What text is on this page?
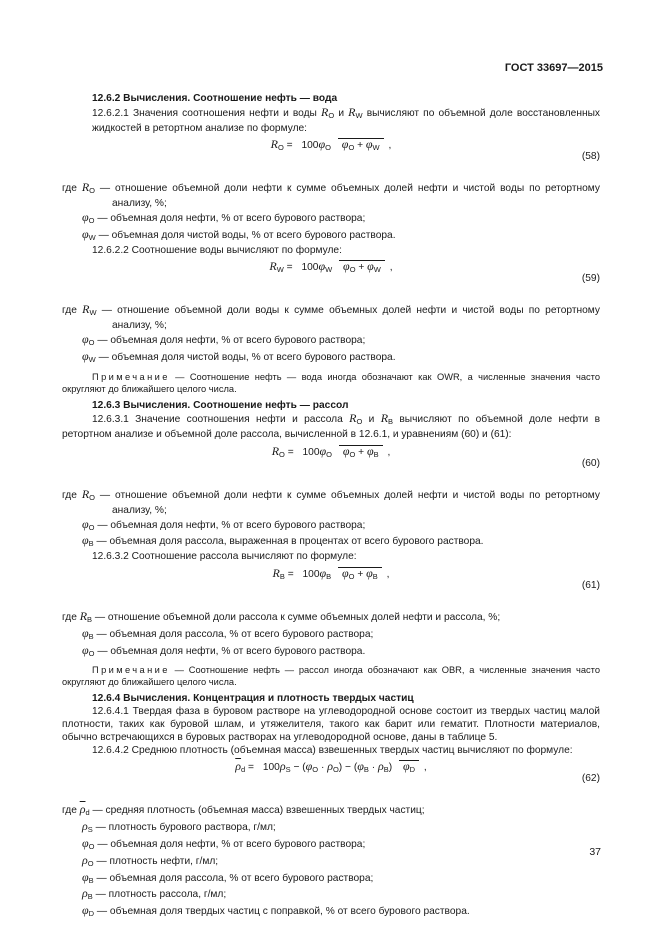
ГОСТ 33697—2015
12.6.2 Вычисления. Соотношение нефть — вода
12.6.2.1 Значения соотношения нефти и воды $R_O$ и $R_W$ вычисляют по объемной доле восстановленных жидкостей в ретортном анализе по формуле:
$R_O = 100\varphi_O$ $\varphi_O + \varphi_W$ ,
(58)
где $R_O$ — отношение объемной доли нефти к сумме объемных долей нефти и чистой воды по ретортному анализу, %;
$\varphi_O$ — объемная доля нефти, % от всего бурового раствора;
$\varphi_W$ — объемная доля чистой воды, % от всего бурового раствора.
12.6.2.2 Соотношение воды вычисляют по формуле:
$R_W = 100\varphi_W$ $\varphi_O + \varphi_W$ ,
(59)
где $R_W$ — отношение объемной доли воды к сумме объемных долей нефти и чистой воды по ретортному анализу, %;
$\varphi_O$ — объемная доля нефти, % от всего бурового раствора;
$\varphi_W$ — объемная доля чистой воды, % от всего бурового раствора.
Примечание — Соотношение нефть — вода иногда обозначают как OWR, а численные значения часто округляют до ближайшего целого числа.
12.6.3 Вычисления. Соотношение нефть — рассол
12.6.3.1 Значение соотношения нефти и рассола $R_O$ и $R_B$ вычисляют по объемной доле нефти в ретортном анализе и объемной доле рассола, вычисленной в 12.6.1, и уравнениям (60) и (61):
$R_O = 100\varphi_O$ $\varphi_O + \varphi_B$ ,
(60)
где $R_O$ — отношение объемной доли нефти к сумме объемных долей нефти и чистой воды по ретортному анализу, %;
$\varphi_O$ — объемная доля нефти, % от всего бурового раствора;
$\varphi_B$ — объемная доля рассола, выраженная в процентах от всего бурового раствора.
12.6.3.2 Соотношение рассола вычисляют по формуле:
$R_B = 100\varphi_B$ $\varphi_O + \varphi_B$ ,
(61)
где $R_B$ — отношение объемной доли рассола к сумме объемных долей нефти и рассола, %;
$\varphi_B$ — объемная доля рассола, % от всего бурового раствора;
$\varphi_O$ — объемная доля нефти, % от всего бурового раствора.
Примечание — Соотношение нефть — рассол иногда обозначают как OBR, а численные значения часто округляют до ближайшего целого числа.
12.6.4 Вычисления. Концентрация и плотность твердых частиц
12.6.4.1 Твердая фаза в буровом растворе на углеводородной основе состоит из твердых частиц малой плотности, таких как буровой шлам, и утяжелителя, такого как барит или гематит. Плотности материалов, обычно встречающихся в буровых растворах на углеводородной основе, даны в таблице 5.
12.6.4.2 Среднюю плотность (объемная масса) взвешенных твердых частиц вычисляют по формуле:
$\overline{\rho}_d = 100\rho_S - (\varphi_O \cdot \rho_O) - (\varphi_B \cdot \rho_B)$ $\varphi_D$ ,
(62)
где $\overline{\rho}_d$ — средняя плотность (объемная масса) взвешенных твердых частиц;
$\rho_S$ — плотность бурового раствора, г/мл;
$\varphi_O$ — объемная доля нефти, % от всего бурового раствора;
$\rho_O$ — плотность нефти, г/мл;
$\varphi_B$ — объемная доля рассола, % от всего бурового раствора;
$\rho_B$ — плотность рассола, г/мл;
$\varphi_D$ — объемная доля твердых частиц с поправкой, % от всего бурового раствора.
37
